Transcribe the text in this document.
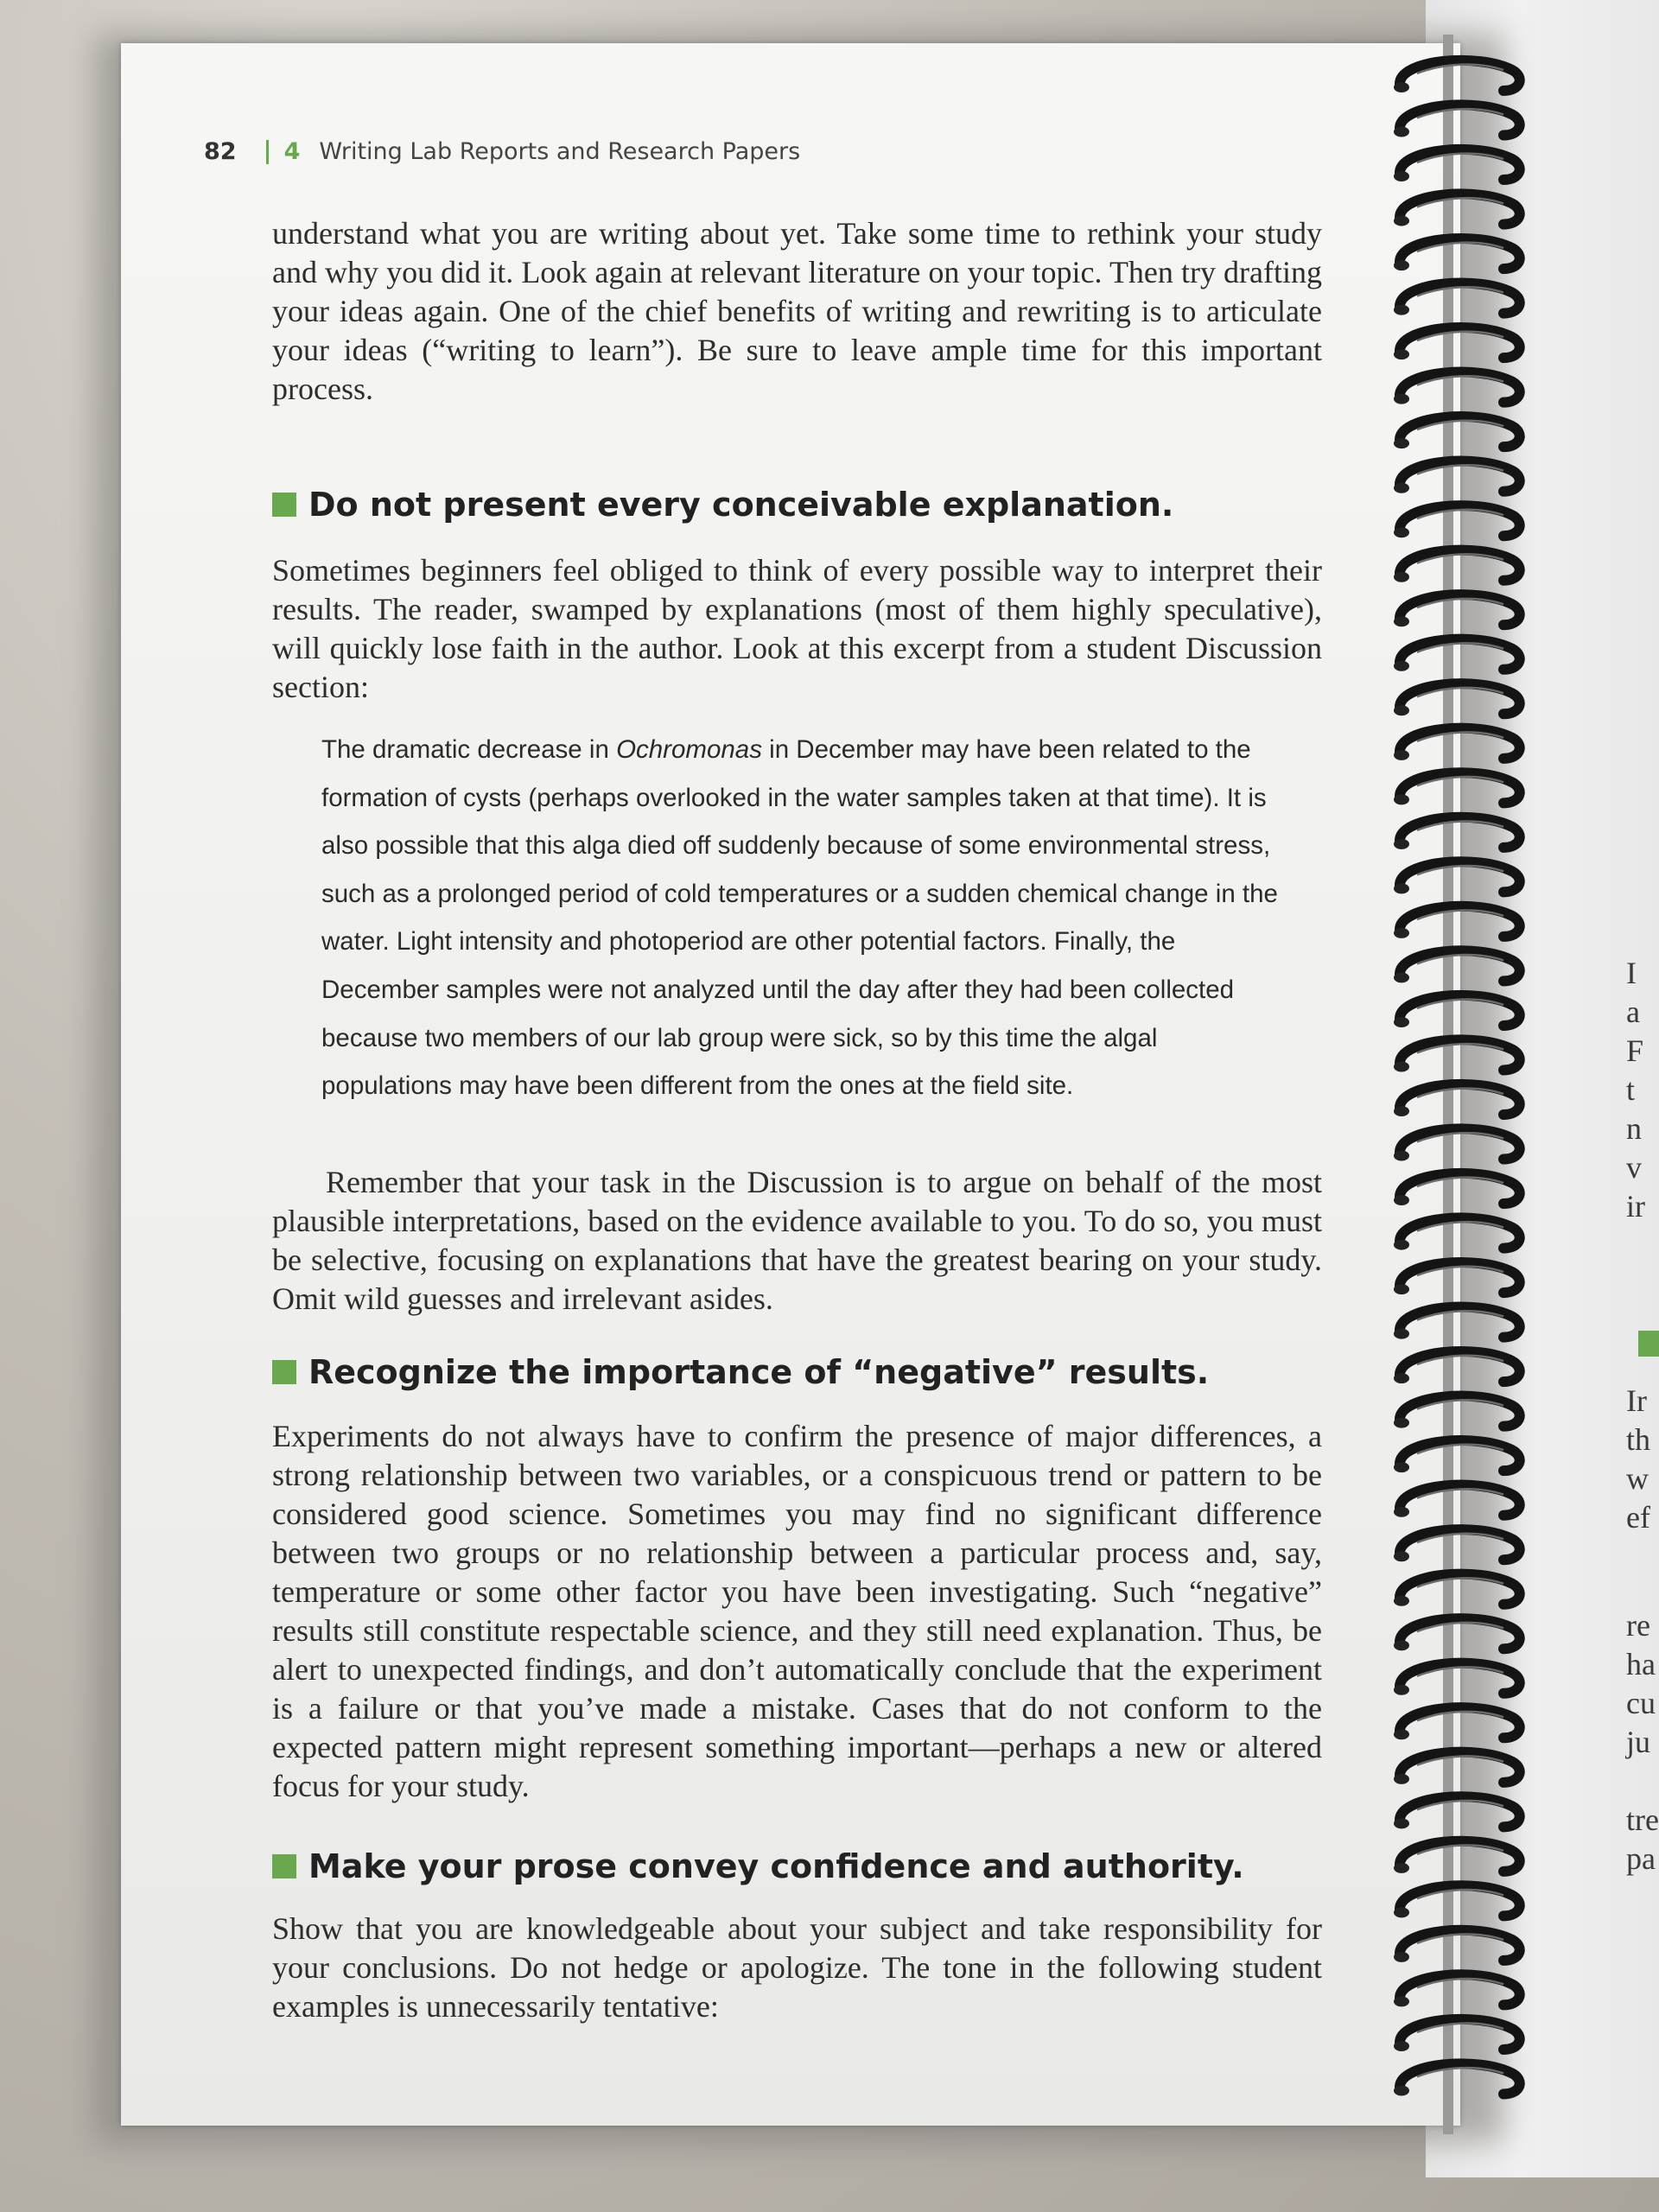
I
a
F
t
n
v
ir
Ir
th
w
ef
re
ha
cu
ju
tre
pa
82 4 Writing Lab Reports and Research Papers

understand what you are writing about yet. Take some time to rethink your study and why you did it. Look again at relevant literature on your topic. Then try drafting your ideas again. One of the chief benefits of writing and rewriting is to articulate your ideas (“writing to learn”). Be sure to leave ample time for this important process.

Do not present every conceivable explanation.

Sometimes beginners feel obliged to think of every possible way to interpret their results. The reader, swamped by explanations (most of them highly speculative), will quickly lose faith in the author. Look at this excerpt from a student Discussion section:

The dramatic decrease in Ochromonas in December may have been related to the formation of cysts (perhaps overlooked in the water samples taken at that time). It is also possible that this alga died off suddenly because of some environmental stress, such as a prolonged period of cold temperatures or a sudden chemical change in the water. Light intensity and photoperiod are other potential factors. Finally, the December samples were not analyzed until the day after they had been collected because two members of our lab group were sick, so by this time the algal populations may have been different from the ones at the field site.

Remember that your task in the Discussion is to argue on behalf of the most plausible interpretations, based on the evidence available to you. To do so, you must be selective, focusing on explanations that have the greatest bearing on your study. Omit wild guesses and irrelevant asides.

Recognize the importance of “negative” results.

Experiments do not always have to confirm the presence of major differences, a strong relationship between two variables, or a conspicuous trend or pattern to be considered good science. Sometimes you may find no significant difference between two groups or no relationship between a particular process and, say, temperature or some other factor you have been investigating. Such “negative” results still constitute respectable science, and they still need explanation. Thus, be alert to unexpected findings, and don’t automatically conclude that the experiment is a failure or that you’ve made a mistake. Cases that do not conform to the expected pattern might represent something important—perhaps a new or altered focus for your study.

Make your prose convey confidence and authority.

Show that you are knowledgeable about your subject and take responsibility for your conclusions. Do not hedge or apologize. The tone in the following student examples is unnecessarily tentative:
